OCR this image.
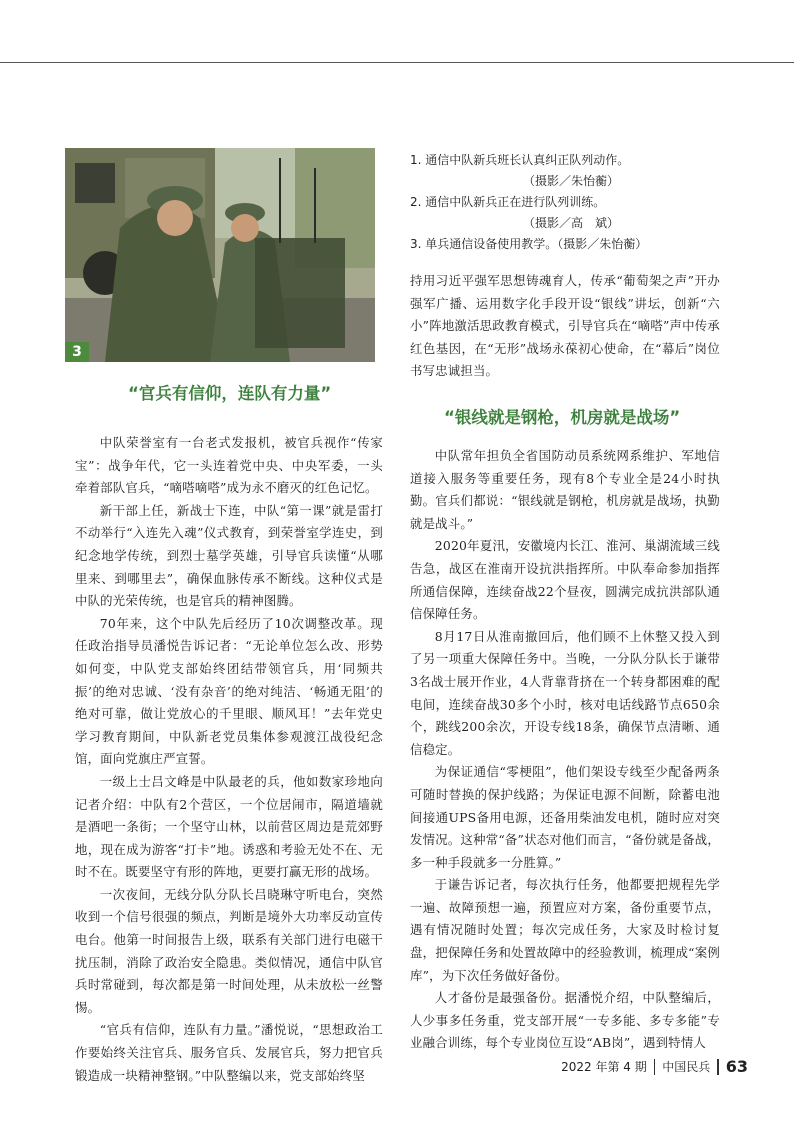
3
1. 通信中队新兵班长认真纠正队列动作。
（摄影／朱怡蘅）
2. 通信中队新兵正在进行队列训练。
（摄影／高　斌）
3. 单兵通信设备使用教学。（摄影／朱怡蘅）
“官兵有信仰，连队有力量”
“银线就是钢枪，机房就是战场”

中队荣誉室有一台老式发报机，被官兵视作“传家宝”：战争年代，它一头连着党中央、中央军委，一头牵着部队官兵，“嘀嗒嘀嗒”成为永不磨灭的红色记忆。

新干部上任，新战士下连，中队“第一课”就是雷打不动举行“入连先入魂”仪式教育，到荣誉室学连史，到纪念地学传统，到烈士墓学英雄，引导官兵读懂“从哪里来、到哪里去”，确保血脉传承不断线。这种仪式是中队的光荣传统，也是官兵的精神图腾。

70年来，这个中队先后经历了10次调整改革。现任政治指导员潘悦告诉记者：“无论单位怎么改、形势如何变，中队党支部始终团结带领官兵，用‘同频共振’的绝对忠诚、‘没有杂音’的绝对纯洁、‘畅通无阻’的绝对可靠，做让党放心的千里眼、顺风耳！”去年党史学习教育期间，中队新老党员集体参观渡江战役纪念馆，面向党旗庄严宣誓。

一级上士吕文峰是中队最老的兵，他如数家珍地向记者介绍：中队有2个营区，一个位居闹市，隔道墙就是酒吧一条街；一个坚守山林，以前营区周边是荒郊野地，现在成为游客“打卡”地。诱惑和考验无处不在、无时不在。既要坚守有形的阵地，更要打赢无形的战场。

一次夜间，无线分队分队长吕晓琳守听电台，突然收到一个信号很强的频点，判断是境外大功率反动宣传电台。他第一时间报告上级，联系有关部门进行电磁干扰压制，消除了政治安全隐患。类似情况，通信中队官兵时常碰到，每次都是第一时间处理，从未放松一丝警惕。

“官兵有信仰，连队有力量。”潘悦说，“思想政治工作要始终关注官兵、服务官兵、发展官兵，努力把官兵锻造成一块精神整钢。”中队整编以来，党支部始终坚

持用习近平强军思想铸魂育人，传承“葡萄架之声”开办强军广播、运用数字化手段开设“银线”讲坛，创新“六小”阵地激活思政教育模式，引导官兵在“嘀嗒”声中传承红色基因，在“无形”战场永葆初心使命，在“幕后”岗位书写忠诚担当。

中队常年担负全省国防动员系统网系维护、军地信道接入服务等重要任务，现有8个专业全是24小时执勤。官兵们都说：“银线就是钢枪，机房就是战场，执勤就是战斗。”

2020年夏汛，安徽境内长江、淮河、巢湖流域三线告急，战区在淮南开设抗洪指挥所。中队奉命参加指挥所通信保障，连续奋战22个昼夜，圆满完成抗洪部队通信保障任务。

8月17日从淮南撤回后，他们顾不上休整又投入到了另一项重大保障任务中。当晚，一分队分队长于谦带3名战士展开作业，4人背靠背挤在一个转身都困难的配电间，连续奋战30多个小时，核对电话线路节点650余个，跳线200余次，开设专线18条，确保节点清晰、通信稳定。

为保证通信“零梗阻”，他们架设专线至少配备两条可随时替换的保护线路；为保证电源不间断，除蓄电池间接通UPS备用电源，还备用柴油发电机，随时应对突发情况。这种常“备”状态对他们而言，“备份就是备战，多一种手段就多一分胜算。”

于谦告诉记者，每次执行任务，他都要把规程先学一遍、故障预想一遍，预置应对方案，备份重要节点，遇有情况随时处置；每次完成任务，大家及时检讨复盘，把保障任务和处置故障中的经验教训，梳理成“案例库”，为下次任务做好备份。

人才备份是最强备份。据潘悦介绍，中队整编后，人少事多任务重，党支部开展“一专多能、多专多能”专业融合训练，每个专业岗位互设“AB岗”，遇到特情人

2022 年第 4 期 中国民兵 63
